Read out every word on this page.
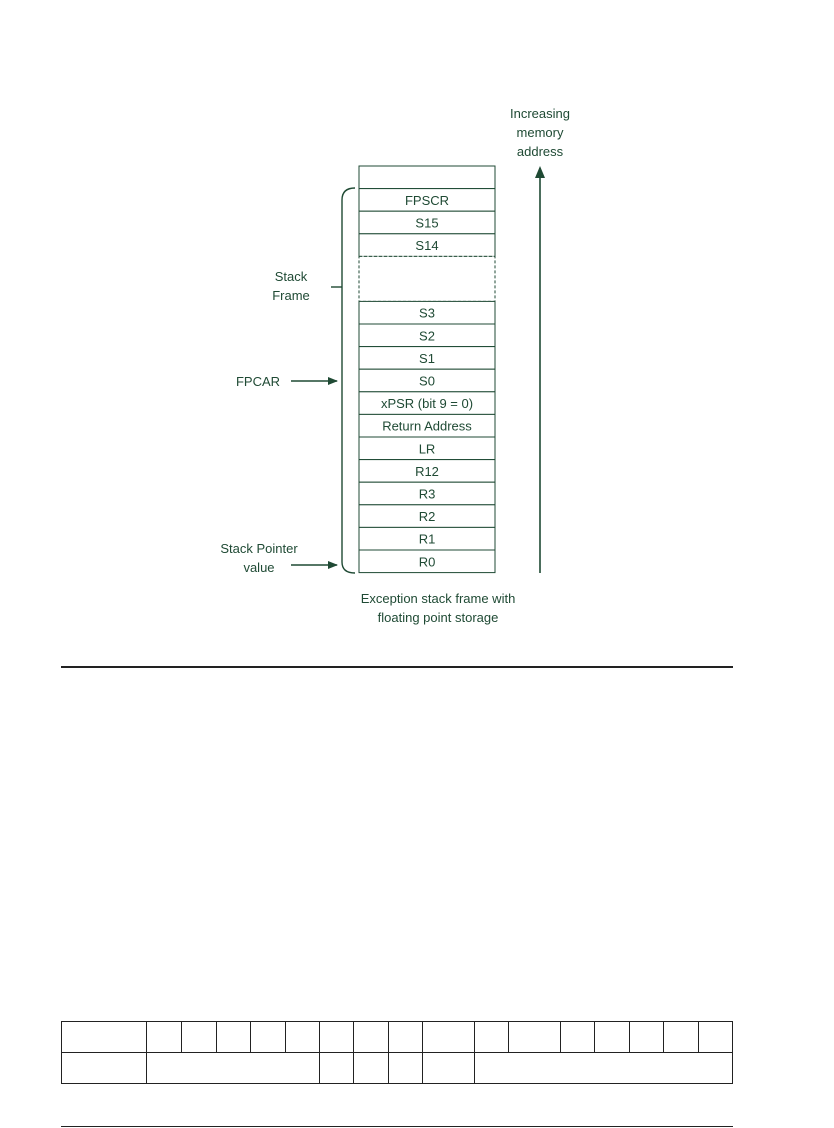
Increasing
memory
address
FPSCR
S15
S14
S3
S2
S1
S0
xPSR (bit 9 = 0)
Return Address
LR
R12
R3
R2
R1
R0
Stack
Frame
FPCAR
Stack Pointer
value
Exception stack frame with
floating point storage
